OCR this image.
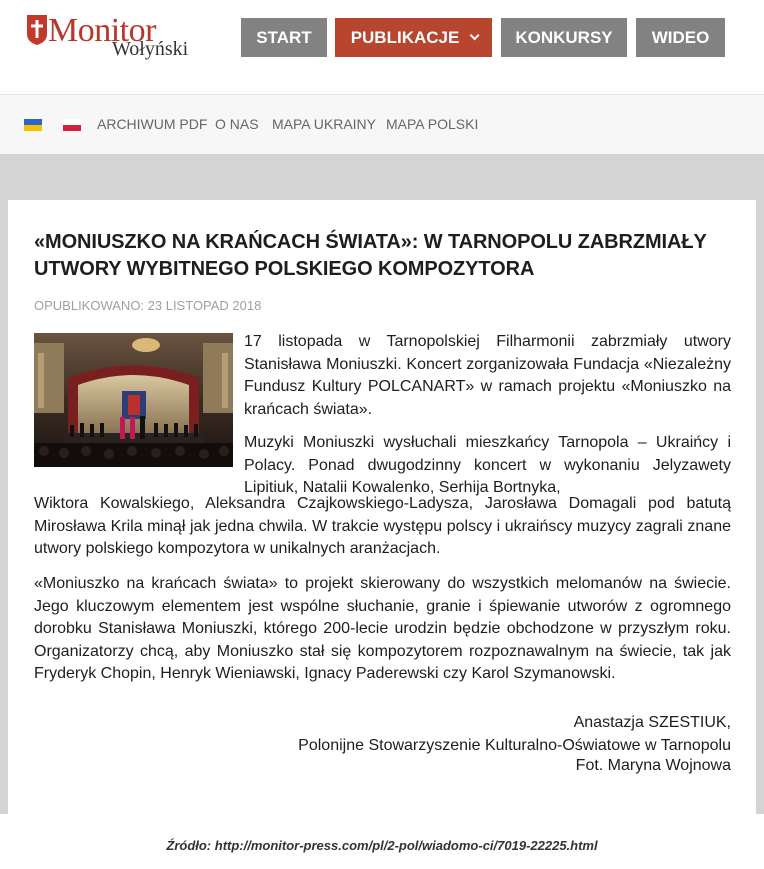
Monitor
Wołyński
START PUBLIKACJE	KONKURSY WIDEO
ARCHIWUM PDF O NAS MAPA UKRAINY MAPA POLSKI
«MONIUSZKO NA KRAŃCACH ŚWIATA»: W TARNOPOLU ZABRZMIAŁY UTWORY WYBITNEGO POLSKIEGO KOMPOZYTORA
OPUBLIKOWANO: 23 LISTOPAD 2018

17 listopada w Tarnopolskiej Filharmonii zabrzmiały utwory Stanisława Moniuszki. Koncert zorganizowała Fundacja «Niezależny Fundusz Kultury POLCANART» w ramach projektu «Moniuszko na krańcach świata».

Muzyki Moniuszki wysłuchali mieszkańcy Tarnopola – Ukraińcy i Polacy. Ponad dwugodzinny koncert w wykonaniu Jelyzawety Lipitiuk, Natalii Kowalenko, Serhija Bortnyka,

Wiktora Kowalskiego, Aleksandra Czajkowskiego-Ladysza, Jarosława Domagali pod batutą Mirosława Krila minął jak jedna chwila. W trakcie występu polscy i ukraińscy muzycy zagrali znane utwory polskiego kompozytora w unikalnych aranżacjach.

«Moniuszko na krańcach świata» to projekt skierowany do wszystkich melomanów na świecie. Jego kluczowym elementem jest wspólne słuchanie, granie i śpiewanie utworów z ogromnego dorobku Stanisława Moniuszki, którego 200-lecie urodzin będzie obchodzone w przyszłym roku. Organizatorzy chcą, aby Moniuszko stał się kompozytorem rozpoznawalnym na świecie, tak jak Fryderyk Chopin, Henryk Wieniawski, Ignacy Paderewski czy Karol Szymanowski.

Anastazja SZESTIUK,
Polonijne Stowarzyszenie Kulturalno-Oświatowe w Tarnopolu
Fot. Maryna Wojnowa
Źródło: http://monitor-press.com/pl/2-pol/wiadomo-ci/7019-22225.html
